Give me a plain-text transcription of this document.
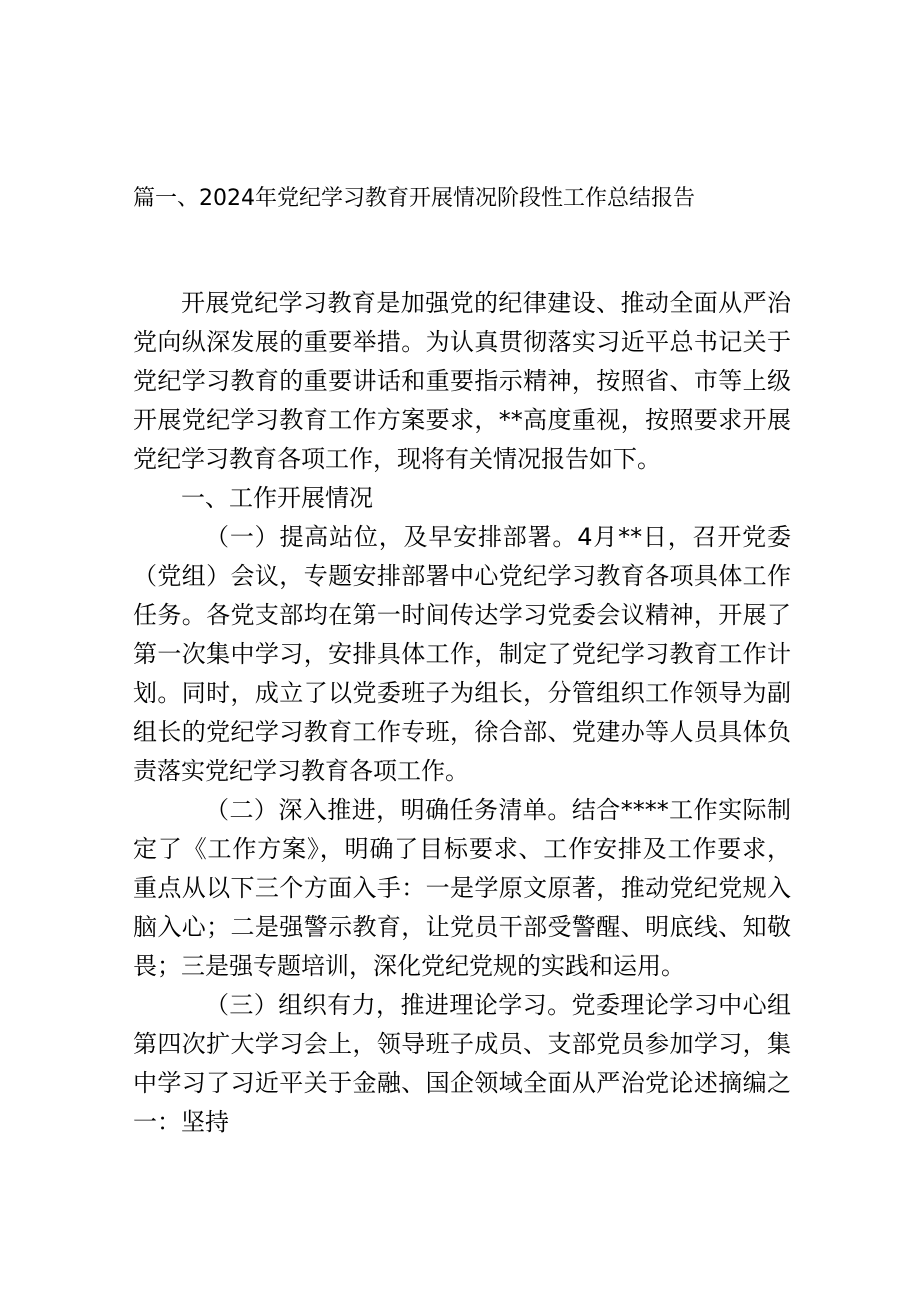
篇一、2024年党纪学习教育开展情况阶段性工作总结报告

开展党纪学习教育是加强党的纪律建设、推动全面从严治党向纵深发展的重要举措。为认真贯彻落实习近平总书记关于党纪学习教育的重要讲话和重要指示精神，按照省、市等上级开展党纪学习教育工作方案要求，**高度重视，按照要求开展党纪学习教育各项工作，现将有关情况报告如下。

一、工作开展情况

（一）提高站位，及早安排部署。4月**日，召开党委（党组）会议，专题安排部署中心党纪学习教育各项具体工作任务。各党支部均在第一时间传达学习党委会议精神，开展了第一次集中学习，安排具体工作，制定了党纪学习教育工作计划。同时，成立了以党委班子为组长，分管组织工作领导为副组长的党纪学习教育工作专班，徐合部、党建办等人员具体负责落实党纪学习教育各项工作。

（二）深入推进，明确任务清单。结合****工作实际制定了《工作方案》，明确了目标要求、工作安排及工作要求，重点从以下三个方面入手：一是学原文原著，推动党纪党规入脑入心；二是强警示教育，让党员干部受警醒、明底线、知敬畏；三是强专题培训，深化党纪党规的实践和运用。

（三）组织有力，推进理论学习。党委理论学习中心组第四次扩大学习会上，领导班子成员、支部党员参加学习，集中学习了习近平关于金融、国企领域全面从严治党论述摘编之一：坚持
